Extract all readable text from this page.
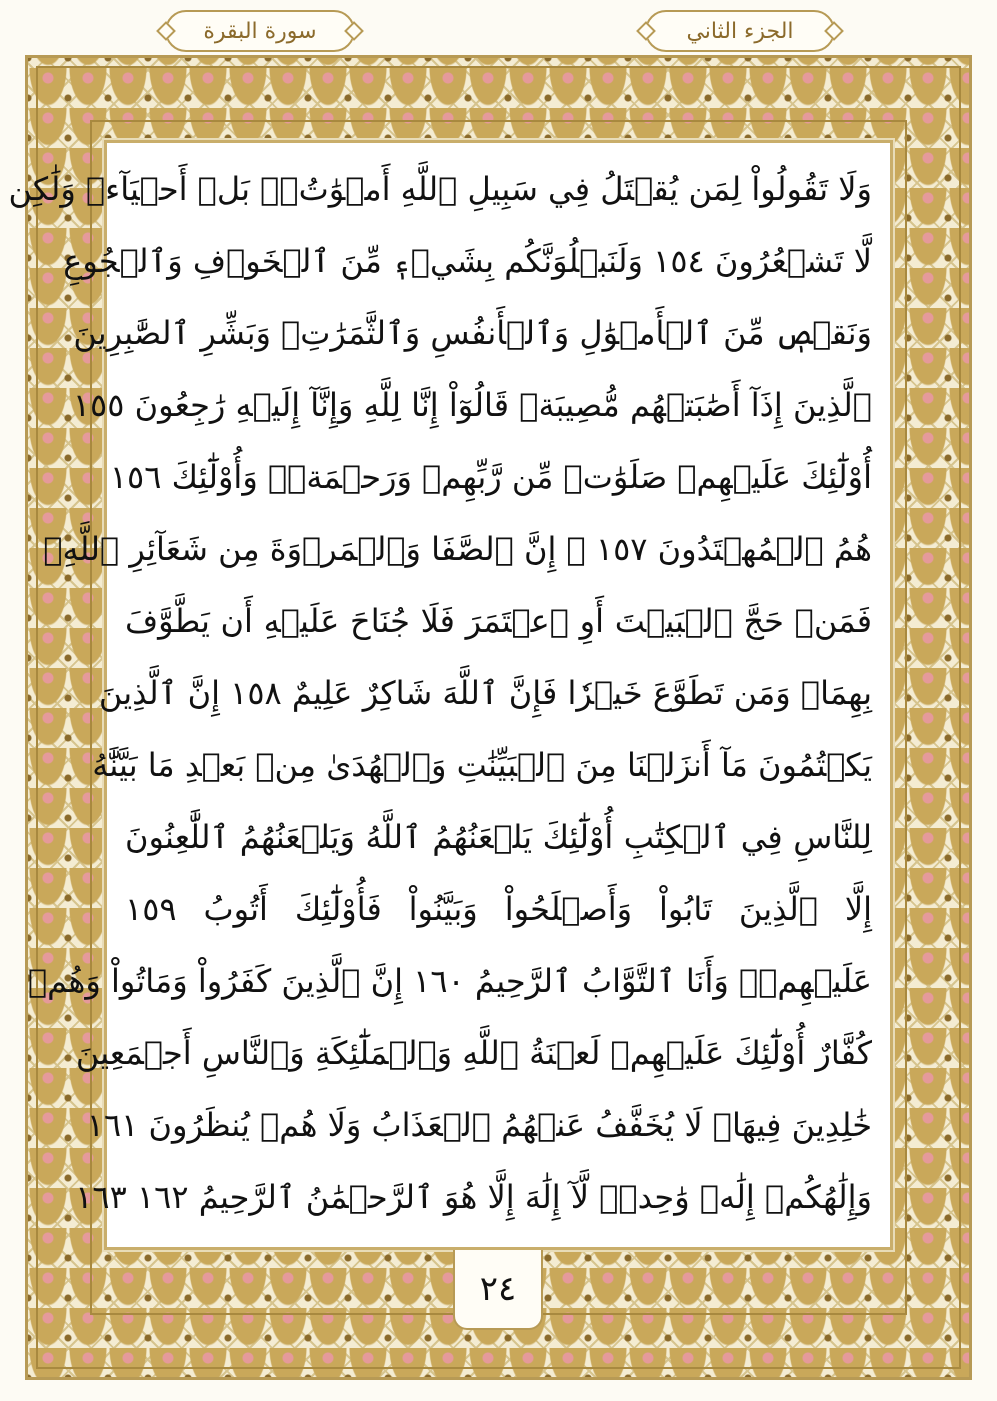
سورة البقرة	الجزء الثاني
وَلَا تَقُولُواْ لِمَن يُقۡتَلُ فِي سَبِيلِ ٱللَّهِ أَمۡوَٰتُۢۚ بَلۡ أَحۡيَآءٞ وَلَٰكِن
لَّا تَشۡعُرُونَ ١٥٤ وَلَنَبۡلُوَنَّكُم بِشَيۡءٖ مِّنَ ٱلۡخَوۡفِ وَٱلۡجُوعِ
وَنَقۡصٖ مِّنَ ٱلۡأَمۡوَٰلِ وَٱلۡأَنفُسِ وَٱلثَّمَرَٰتِۗ وَبَشِّرِ ٱلصَّٰبِرِينَ
ٱلَّذِينَ إِذَآ أَصَٰبَتۡهُم مُّصِيبَةٞ قَالُوٓاْ إِنَّا لِلَّهِ وَإِنَّآ إِلَيۡهِ رَٰجِعُونَ ١٥٥
أُوْلَٰٓئِكَ عَلَيۡهِمۡ صَلَوَٰتٞ مِّن رَّبِّهِمۡ وَرَحۡمَةٞۖ وَأُوْلَٰٓئِكَ ١٥٦
هُمُ ٱلۡمُهۡتَدُونَ ١٥٧ ۞ إِنَّ ٱلصَّفَا وَٱلۡمَرۡوَةَ مِن شَعَآئِرِ ٱللَّهِۖ
فَمَنۡ حَجَّ ٱلۡبَيۡتَ أَوِ ٱعۡتَمَرَ فَلَا جُنَاحَ عَلَيۡهِ أَن يَطَّوَّفَ
بِهِمَاۚ وَمَن تَطَوَّعَ خَيۡرٗا فَإِنَّ ٱللَّهَ شَاكِرٌ عَلِيمٌ ١٥٨ إِنَّ ٱلَّذِينَ
يَكۡتُمُونَ مَآ أَنزَلۡنَا مِنَ ٱلۡبَيِّنَٰتِ وَٱلۡهُدَىٰ مِنۢ بَعۡدِ مَا بَيَّنَّٰهُ
لِلنَّاسِ فِي ٱلۡكِتَٰبِ أُوْلَٰٓئِكَ يَلۡعَنُهُمُ ٱللَّهُ وَيَلۡعَنُهُمُ ٱللَّٰعِنُونَ
إِلَّا ٱلَّذِينَ تَابُواْ وَأَصۡلَحُواْ وَبَيَّنُواْ فَأُوْلَٰٓئِكَ أَتُوبُ ١٥٩
عَلَيۡهِمۡۚ وَأَنَا ٱلتَّوَّابُ ٱلرَّحِيمُ ١٦٠ إِنَّ ٱلَّذِينَ كَفَرُواْ وَمَاتُواْ وَهُمۡ
كُفَّارٌ أُوْلَٰٓئِكَ عَلَيۡهِمۡ لَعۡنَةُ ٱللَّهِ وَٱلۡمَلَٰٓئِكَةِ وَٱلنَّاسِ أَجۡمَعِينَ
خَٰلِدِينَ فِيهَاۖ لَا يُخَفَّفُ عَنۡهُمُ ٱلۡعَذَابُ وَلَا هُمۡ يُنظَرُونَ ١٦١
وَإِلَٰهُكُمۡ إِلَٰهٞ وَٰحِدٞۖ لَّآ إِلَٰهَ إِلَّا هُوَ ٱلرَّحۡمَٰنُ ٱلرَّحِيمُ ١٦٢ ١٦٣
٢٤
